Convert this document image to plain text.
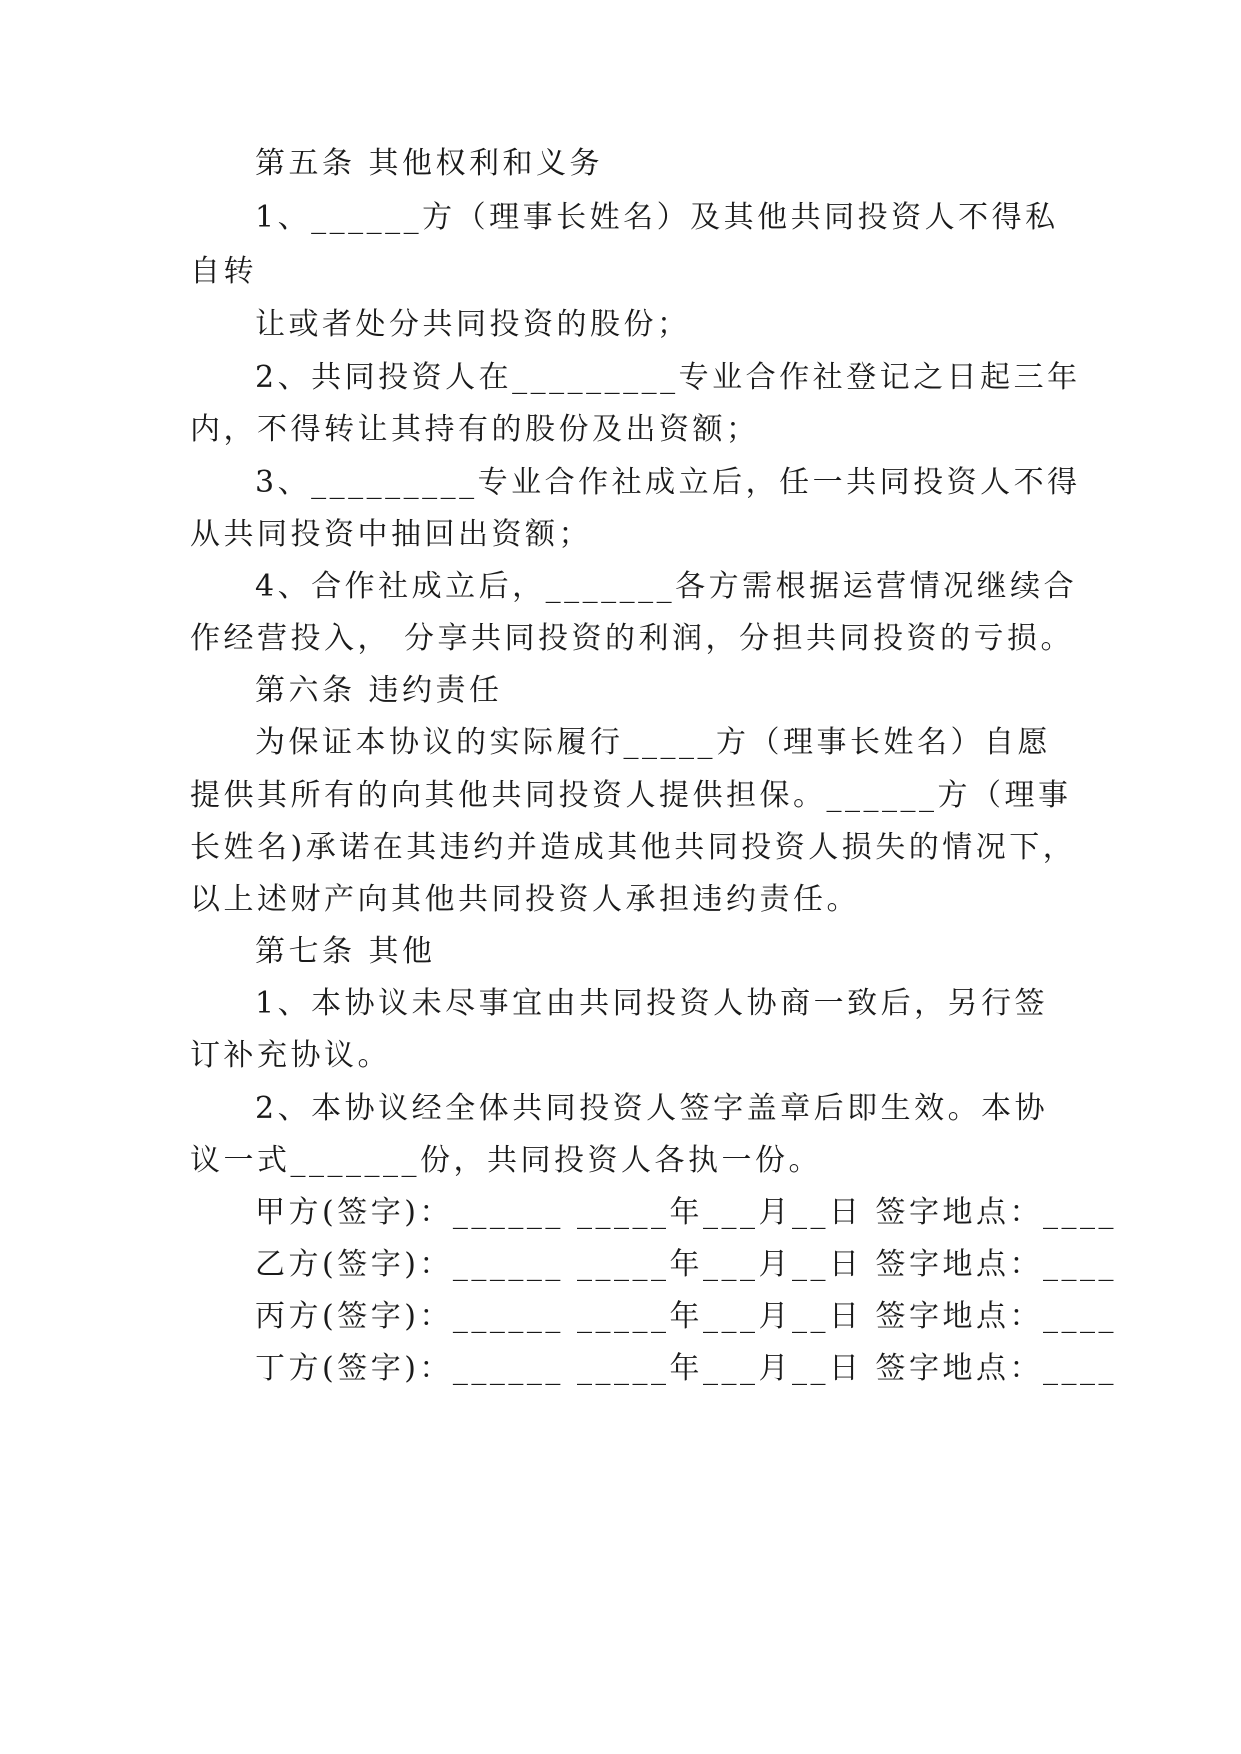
第五条 其他权利和义务
1、______方（理事长姓名）及其他共同投资人不得私
自转
让或者处分共同投资的股份；
2、共同投资人在_________专业合作社登记之日起三年
内，不得转让其持有的股份及出资额；
3、_________专业合作社成立后，任一共同投资人不得
从共同投资中抽回出资额；
4、合作社成立后，_______各方需根据运营情况继续合
作经营投入， 分享共同投资的利润，分担共同投资的亏损。
第六条 违约责任
为保证本协议的实际履行_____方（理事长姓名）自愿
提供其所有的向其他共同投资人提供担保。______方（理事
长姓名)承诺在其违约并造成其他共同投资人损失的情况下，
以上述财产向其他共同投资人承担违约责任。
第七条 其他
1、本协议未尽事宜由共同投资人协商一致后，另行签
订补充协议。
2、本协议经全体共同投资人签字盖章后即生效。本协
议一式_______份，共同投资人各执一份。
甲方(签字)：______ _____年___月__日 签字地点：____
乙方(签字)：______ _____年___月__日 签字地点：____
丙方(签字)：______ _____年___月__日 签字地点：____
丁方(签字)：______ _____年___月__日 签字地点：____
